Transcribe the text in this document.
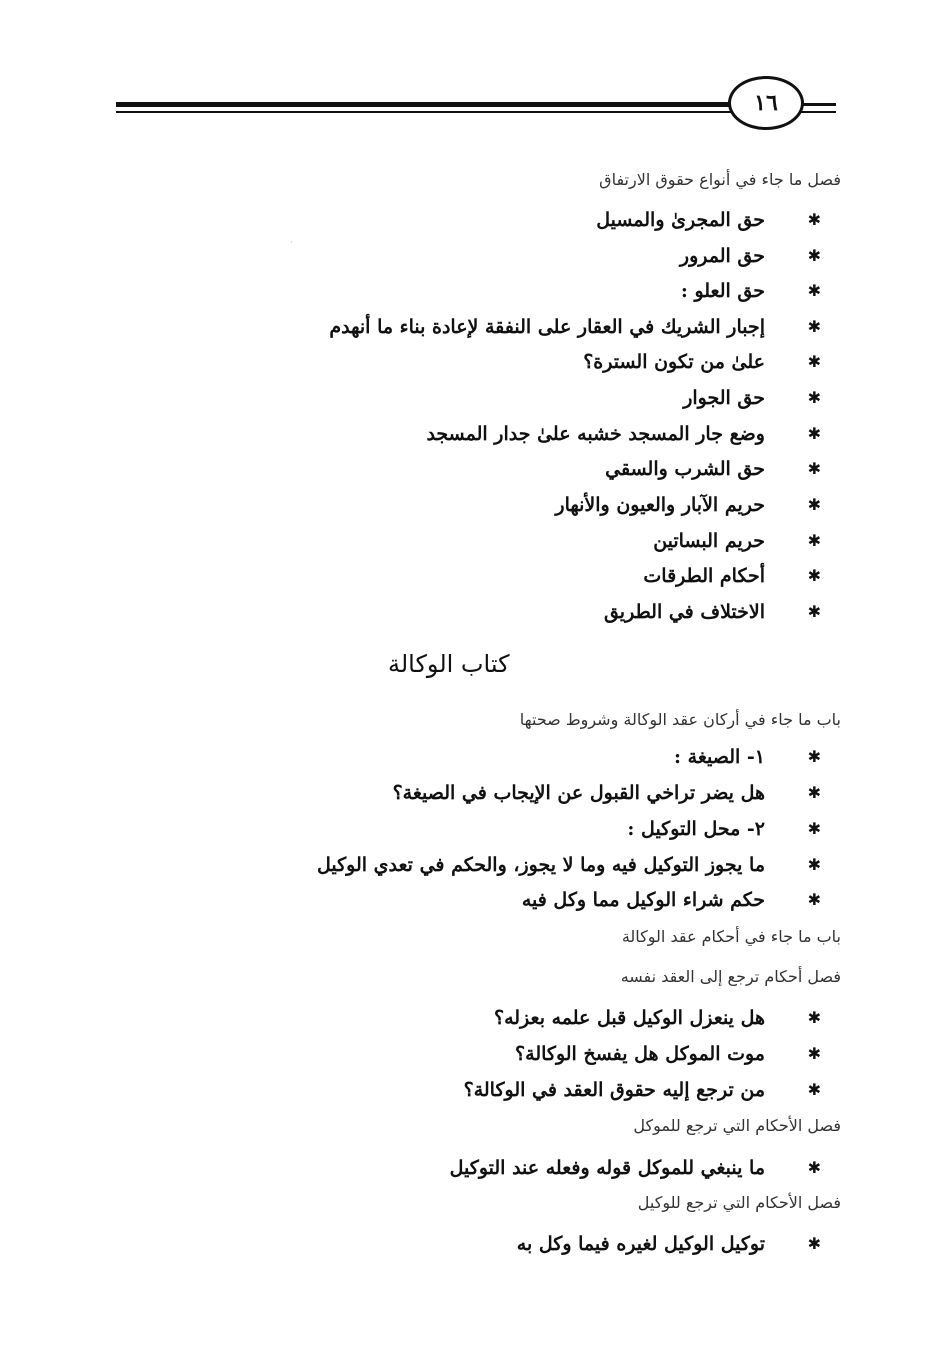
١٦
·
فصل ما جاء في أنواع حقوق الارتفاق
✱
حق المجرىٰ والمسيل
✱
حق المرور
✱
حق العلو :
✱
إجبار الشريك في العقار على النفقة لإعادة بناء ما أنهدم
✱
علىٰ من تكون السترة؟
✱
حق الجوار
✱
وضع جار المسجد خشبه علىٰ جدار المسجد
✱
حق الشرب والسقي
✱
حريم الآبار والعيون والأنهار
✱
حريم البساتين
✱
أحكام الطرقات
✱
الاختلاف في الطريق
كتاب الوكالة
باب ما جاء في أركان عقد الوكالة وشروط صحتها
✱
١- الصيغة :
✱
هل يضر تراخي القبول عن الإيجاب في الصيغة؟
✱
٢- محل التوكيل :
✱
ما يجوز التوكيل فيه وما لا يجوز، والحكم في تعدي الوكيل
✱
حكم شراء الوكيل مما وكل فيه
باب ما جاء في أحكام عقد الوكالة
فصل أحكام ترجع إلى العقد نفسه
✱
هل ينعزل الوكيل قبل علمه بعزله؟
✱
موت الموكل هل يفسخ الوكالة؟
✱
من ترجع إليه حقوق العقد في الوكالة؟
فصل الأحكام التي ترجع للموكل
✱
ما ينبغي للموكل قوله وفعله عند التوكيل
فصل الأحكام التي ترجع للوكيل
✱
توكيل الوكيل لغيره فيما وكل به
